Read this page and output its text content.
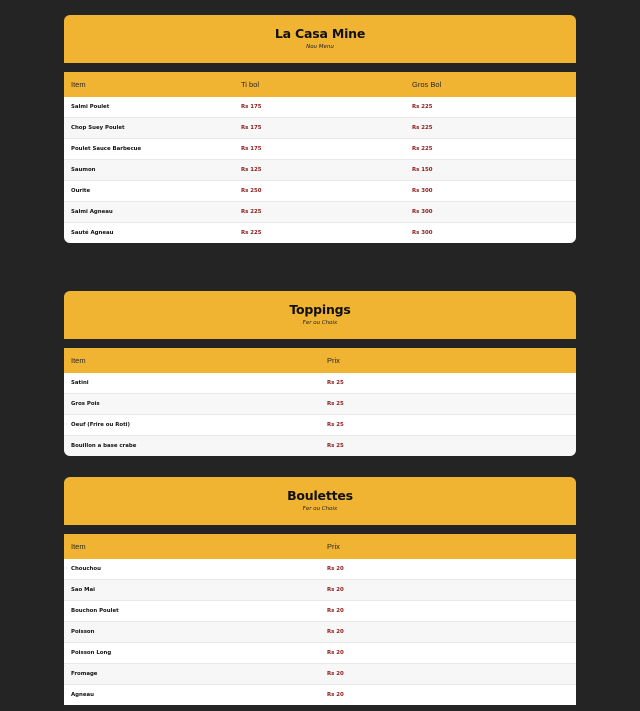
La Casa Mine
Nou Menu
Item	Ti bol	Gros Bol
Salmi Poulet	Rs 175	Rs 225
Chop Suey Poulet	Rs 175	Rs 225
Poulet Sauce Barbecue	Rs 175	Rs 225
Saumon	Rs 125	Rs 150
Ourite	Rs 250	Rs 300
Salmi Agneau	Rs 225	Rs 300
Sauté Agneau	Rs 225	Rs 300
Toppings
Fer ou Choix
Item	Prix
Satini	Rs 25
Gros Pois	Rs 25
Oeuf (Frire ou Roti)	Rs 25
Bouillon a base crabe	Rs 25
Boulettes
Fer ou Choix
Item	Prix
Chouchou	Rs 20
Sao Mai	Rs 20
Bouchon Poulet	Rs 20
Poisson	Rs 20
Poisson Long	Rs 20
Fromage	Rs 20
Agneau	Rs 20
